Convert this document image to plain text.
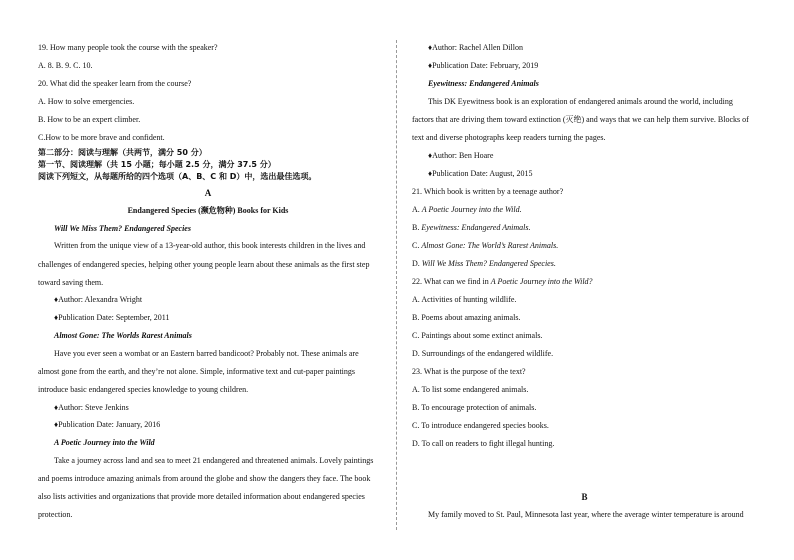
19. How many people took the course with the speaker?
A. 8. B. 9. C. 10.
20. What did the speaker learn from the course?
A. How to solve emergencies.
B. How to be an expert climber.
C.How to be more brave and confident.
第二部分：阅读与理解（共两节，满分 50 分）
第一节、阅读理解（共 15 小题；每小题 2.5 分，满分 37.5 分）
阅读下列短文，从每题所给的四个选项（A、B、C 和 D）中，选出最佳选项。
A
Endangered Species (濒危物种) Books for Kids
Will We Miss Them? Endangered Species
Written from the unique view of a 13-year-old author, this book interests children in the lives and
challenges of endangered species, helping other young people learn about these animals as the first step
toward saving them.
♦Author: Alexandra Wright
♦Publication Date: September, 2011
Almost Gone: The Worlds Rarest Animals
Have you ever seen a wombat or an Eastern barred bandicoot? Probably not. These animals are
almost gone from the earth, and they’re not alone. Simple, informative text and cut-paper paintings
introduce basic endangered species knowledge to young children.
♦Author: Steve Jenkins
♦Publication Date: January, 2016
A Poetic Journey into the Wild
Take a journey across land and sea to meet 21 endangered and threatened animals. Lovely paintings
and poems introduce amazing animals from around the globe and show the dangers they face. The book
also lists activities and organizations that provide more detailed information about endangered species
protection.
♦Author: Rachel Allen Dillon
♦Publication Date: February, 2019
Eyewitness: Endangered Animals
This DK Eyewitness book is an exploration of endangered animals around the world, including
factors that are driving them toward extinction (灭绝) and ways that we can help them survive. Blocks of
text and diverse photographs keep readers turning the pages.
♦Author: Ben Hoare
♦Publication Date: August, 2015
21. Which book is written by a teenage author?
A. A Poetic Journey into the Wild.
B. Eyewitness: Endangered Animals.
C. Almost Gone: The World’s Rarest Animals.
D. Will We Miss Them? Endangered Species.
22. What can we find in A Poetic Journey into the Wild?
A. Activities of hunting wildlife.
B. Poems about amazing animals.
C. Paintings about some extinct animals.
D. Surroundings of the endangered wildlife.
23. What is the purpose of the text?
A. To list some endangered animals.
B. To encourage protection of animals.
C. To introduce endangered species books.
D. To call on readers to fight illegal hunting.
B
My family moved to St. Paul, Minnesota last year, where the average winter temperature is around
